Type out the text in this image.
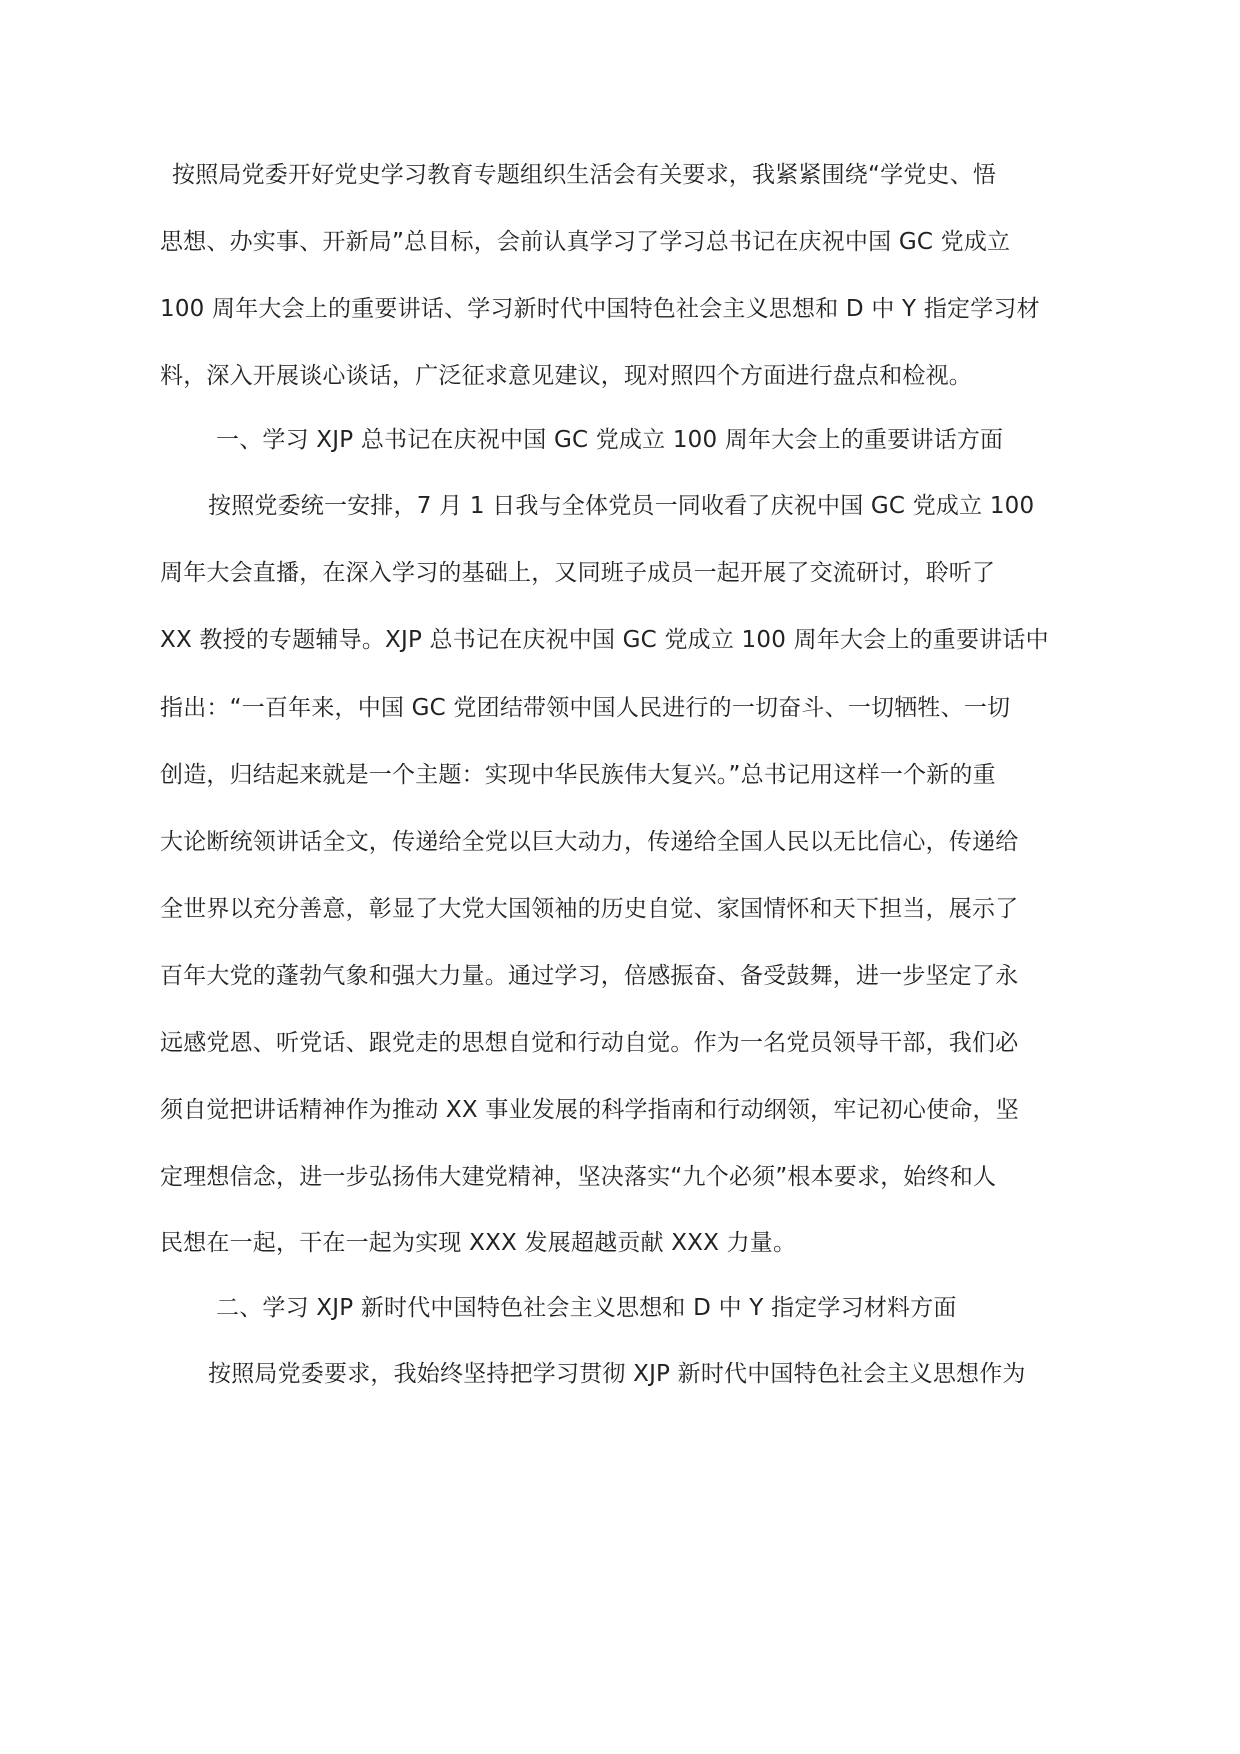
按照局党委开好党史学习教育专题组织生活会有关要求，我紧紧围绕“学党史、悟
思想、办实事、开新局”总目标，会前认真学习了学习总书记在庆祝中国 GC 党成立
100 周年大会上的重要讲话、学习新时代中国特色社会主义思想和 D 中 Y 指定学习材
料，深入开展谈心谈话，广泛征求意见建议，现对照四个方面进行盘点和检视。
一、学习 XJP 总书记在庆祝中国 GC 党成立 100 周年大会上的重要讲话方面
按照党委统一安排，7 月 1 日我与全体党员一同收看了庆祝中国 GC 党成立 100
周年大会直播，在深入学习的基础上，又同班子成员一起开展了交流研讨，聆听了
XX 教授的专题辅导。XJP 总书记在庆祝中国 GC 党成立 100 周年大会上的重要讲话中
指出：“一百年来，中国 GC 党团结带领中国人民进行的一切奋斗、一切牺牲、一切
创造，归结起来就是一个主题：实现中华民族伟大复兴。”总书记用这样一个新的重
大论断统领讲话全文，传递给全党以巨大动力，传递给全国人民以无比信心，传递给
全世界以充分善意，彰显了大党大国领袖的历史自觉、家国情怀和天下担当，展示了
百年大党的蓬勃气象和强大力量。通过学习，倍感振奋、备受鼓舞，进一步坚定了永
远感党恩、听党话、跟党走的思想自觉和行动自觉。作为一名党员领导干部，我们必
须自觉把讲话精神作为推动 XX 事业发展的科学指南和行动纲领，牢记初心使命，坚
定理想信念，进一步弘扬伟大建党精神，坚决落实“九个必须”根本要求，始终和人
民想在一起，干在一起为实现 XXX 发展超越贡献 XXX 力量。
二、学习 XJP 新时代中国特色社会主义思想和 D 中 Y 指定学习材料方面
按照局党委要求，我始终坚持把学习贯彻 XJP 新时代中国特色社会主义思想作为
